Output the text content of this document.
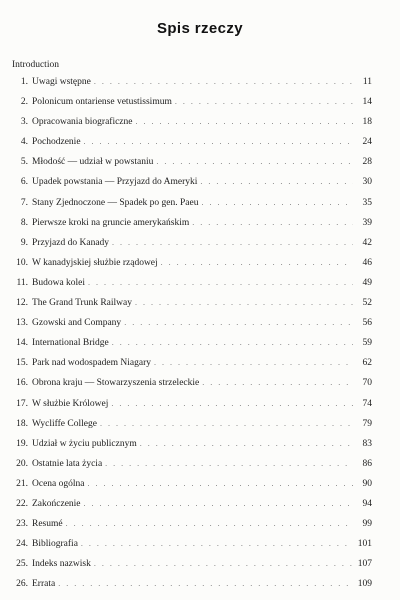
Spis rzeczy
Introduction
1. Uwagi wstępne . . .	11
2. Polonicum ontariense vetustissimum . . .	14
3. Opracowania biograficzne . . .	18
4. Pochodzenie . . .	24
5. Młodość — udział w powstaniu . . .	28
6. Upadek powstania — Przyjazd do Ameryki . . .	30
7. Stany Zjednoczone — Spadek po gen. Paeu . . .	35
8. Pierwsze kroki na gruncie amerykańskim . . .	39
9. Przyjazd do Kanady . . .	42
10. W kanadyjskiej służbie rządowej . . .	46
11. Budowa kolei . . .	49
12. The Grand Trunk Railway . . .	52
13. Gzowski and Company . . .	56
14. International Bridge . . .	59
15. Park nad wodospadem Niagary . . .	62
16. Obrona kraju — Stowarzyszenia strzeleckie . . .	70
17. W służbie Królowej . . .	74
18. Wycliffe College . . .	79
19. Udział w życiu publicznym . . .	83
20. Ostatnie lata życia . . .	86
21. Ocena ogólna . . .	90
22. Zakończenie . . .	94
23. Resumé . . .	99
24. Bibliografia . . .	101
25. Indeks nazwisk . . .	107
26. Errata . . .	109
